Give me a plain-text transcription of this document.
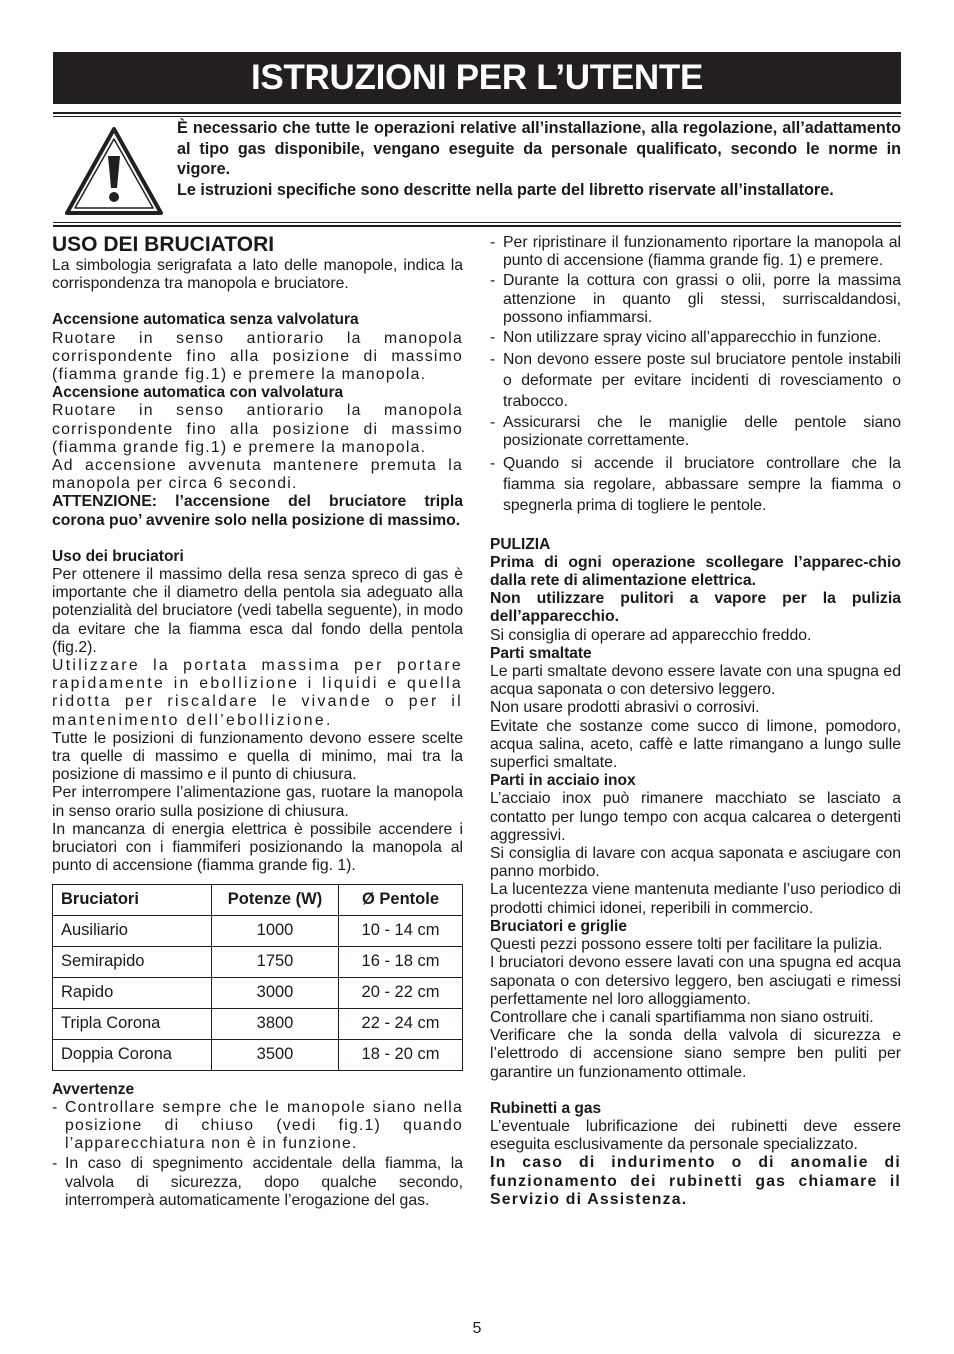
ISTRUZIONI PER L’UTENTE

È necessario che tutte le operazioni relative all’installazione, alla regolazione, all’adattamento al tipo gas disponibile, vengano eseguite da personale qualificato, secondo le norme in vigore.

Le istruzioni specifiche sono descritte nella parte del libretto riservate all’installatore.

USO DEI BRUCIATORI

La simbologia serigrafata a lato delle manopole, indica la corrispondenza tra manopola e bruciatore.

Accensione automatica senza valvolatura

Ruotare in senso antiorario la manopola corrispondente fino alla posizione di massimo (fiamma grande fig.1) e premere la manopola.

Accensione automatica con valvolatura

Ruotare in senso antiorario la manopola corrispondente fino alla posizione di massimo (fiamma grande fig.1) e premere la manopola.

Ad accensione avvenuta mantenere premuta la manopola per circa 6 secondi.

ATTENZIONE: l’accensione del bruciatore tripla corona puo’ avvenire solo nella posizione di massimo.

Uso dei bruciatori

Per ottenere il massimo della resa senza spreco di gas è importante che il diametro della pentola sia adeguato alla potenzialità del bruciatore (vedi tabella seguente), in modo da evitare che la fiamma esca dal fondo della pentola (fig.2).

Utilizzare la portata massima per portare rapidamente in ebollizione i liquidi e quella ridotta per riscaldare le vivande o per il mantenimento dell’ebollizione.

Tutte le posizioni di funzionamento devono essere scelte tra quelle di massimo e quella di minimo, mai tra la posizione di massimo e il punto di chiusura.

Per interrompere l’alimentazione gas, ruotare la manopola in senso orario sulla posizione di chiusura.

In mancanza di energia elettrica è possibile accendere i bruciatori con i fiammiferi posizionando la manopola al punto di accensione (fiamma grande fig. 1).

Bruciatori	Potenze (W)	Ø Pentole
Ausiliario	1000	10 - 14 cm
Semirapido	1750	16 - 18 cm
Rapido	3000	20 - 22 cm
Tripla Corona	3800	22 - 24 cm
Doppia Corona	3500	18 - 20 cm
Avvertenze
- Controllare sempre che le manopole siano nella posizione di chiuso (vedi fig.1) quando l’apparecchiatura non è in funzione.
- In caso di spegnimento accidentale della fiamma, la valvola di sicurezza, dopo qualche secondo, interromperà automaticamente l’erogazione del gas.
- Per ripristinare il funzionamento riportare la manopola al punto di accensione (fiamma grande fig. 1) e premere.
- Durante la cottura con grassi o olii, porre la massima attenzione in quanto gli stessi, surriscaldandosi, possono infiammarsi.
- Non utilizzare spray vicino all’apparecchio in funzione.
- Non devono essere poste sul bruciatore pentole instabili o deformate per evitare incidenti di rovesciamento o trabocco.
- Assicurarsi che le maniglie delle pentole siano posizionate correttamente.
- Quando si accende il bruciatore controllare che la fiamma sia regolare, abbassare sempre la fiamma o spegnerla prima di togliere le pentole.
PULIZIA

Prima di ogni operazione scollegare l’apparec-chio dalla rete di alimentazione elettrica.

Non utilizzare pulitori a vapore per la pulizia dell’apparecchio.

Si consiglia di operare ad apparecchio freddo.

Parti smaltate

Le parti smaltate devono essere lavate con una spugna ed acqua saponata o con detersivo leggero.

Non usare prodotti abrasivi o corrosivi.

Evitate che sostanze come succo di limone, pomodoro, acqua salina, aceto, caffè e latte rimangano a lungo sulle superfici smaltate.

Parti in acciaio inox

L’acciaio inox può rimanere macchiato se lasciato a contatto per lungo tempo con acqua calcarea o detergenti aggressivi.

Si consiglia di lavare con acqua saponata e asciugare con panno morbido.

La lucentezza viene mantenuta mediante l’uso periodico di prodotti chimici idonei, reperibili in commercio.

Bruciatori e griglie

Questi pezzi possono essere tolti per facilitare la pulizia.

I bruciatori devono essere lavati con una spugna ed acqua saponata o con detersivo leggero, ben asciugati e rimessi perfettamente nel loro alloggiamento.

Controllare che i canali spartifiamma non siano ostruiti.

Verificare che la sonda della valvola di sicurezza e l’elettrodo di accensione siano sempre ben puliti per garantire un funzionamento ottimale.

Rubinetti a gas

L’eventuale lubrificazione dei rubinetti deve essere eseguita esclusivamente da personale specializzato.

In caso di indurimento o di anomalie di funzionamento dei rubinetti gas chiamare il Servizio di Assistenza.

5
